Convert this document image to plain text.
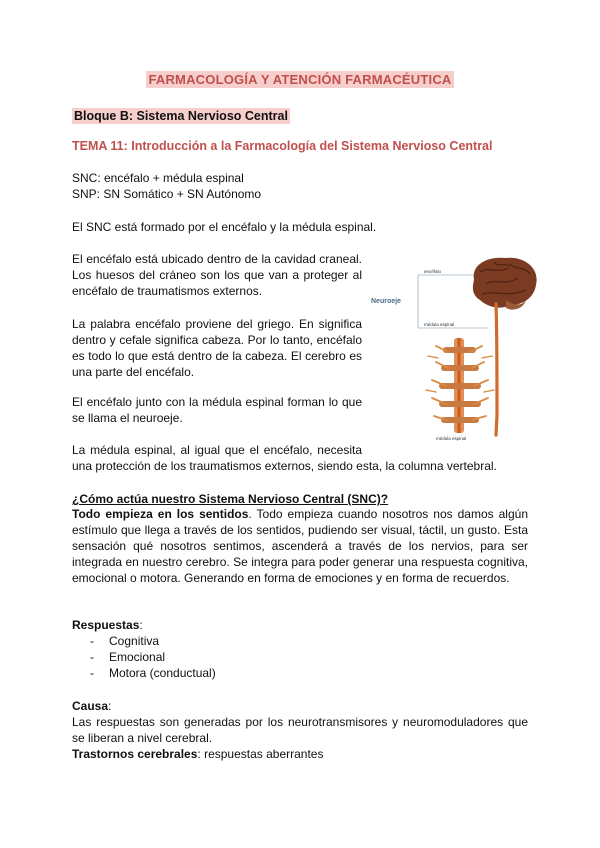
FARMACOLOGÍA Y ATENCIÓN FARMACÉUTICA
Bloque B: Sistema Nervioso Central
TEMA 11: Introducción a la Farmacología del Sistema Nervioso Central
SNC: encéfalo + médula espinal
SNP: SN Somático + SN Autónomo
El SNC está formado por el encéfalo y la médula espinal.
El encéfalo está ubicado dentro de la cavidad craneal. Los huesos del cráneo son los que van a proteger al encéfalo de traumatismos externos.
La palabra encéfalo proviene del griego. En significa dentro y cefale significa cabeza. Por lo tanto, encéfalo es todo lo que está dentro de la cabeza. El cerebro es una parte del encéfalo.
El encéfalo junto con la médula espinal forman lo que se llama el neuroeje.
La médula espinal, al igual que el encéfalo, necesita
una protección de los traumatismos externos, siendo esta, la columna vertebral.
Neuroeje
encéfalo
médula espinal
médula espinal
¿Cómo actúa nuestro Sistema Nervioso Central (SNC)?
Todo empieza en los sentidos. Todo empieza cuando nosotros nos damos algún estímulo que llega a través de los sentidos, pudiendo ser visual, táctil, un gusto. Esta sensación qué nosotros sentimos, ascenderá a través de los nervios, para ser integrada en nuestro cerebro. Se integra para poder generar una respuesta cognitiva, emocional o motora. Generando en forma de emociones y en forma de recuerdos.
Respuestas:
- Cognitiva
- Emocional
- Motora (conductual)
Causa:
Las respuestas son generadas por los neurotransmisores y neuromoduladores que se liberan a nivel cerebral.
Trastornos cerebrales: respuestas aberrantes
